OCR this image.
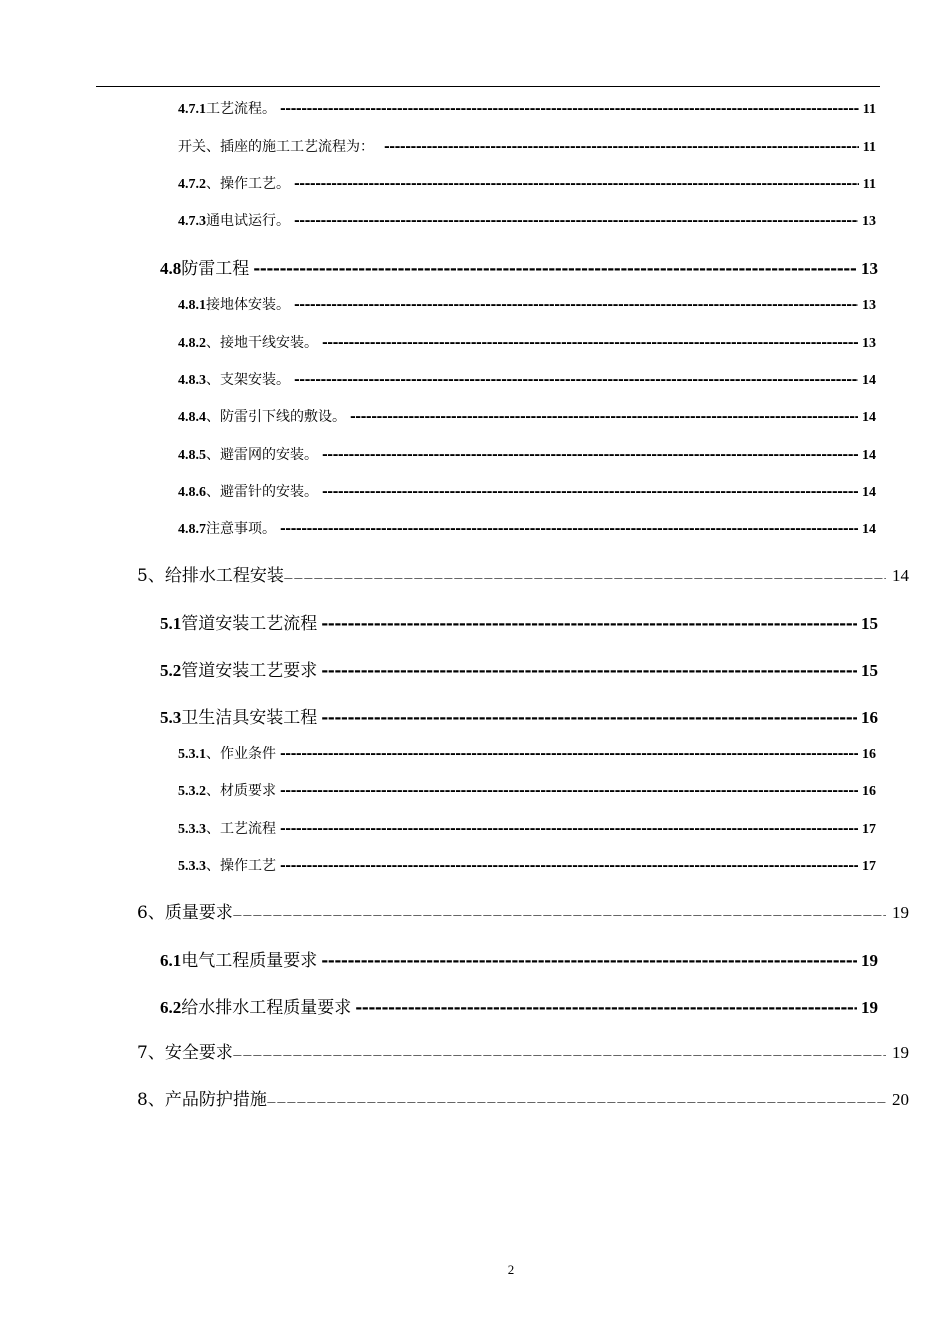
4.7.1 工艺流程。 -----	11
开关、插座的施工工艺流程为： -----	11
4.7.2 、操作工艺。 -----	11
4.7.3 通电试运行。 -----	13
4.8 防雷工程 -----	13
4.8.1 接地体安装。 -----	13
4.8.2 、接地干线安装。 -----	13
4.8.3 、支架安装。 -----	14
4.8.4 、防雷引下线的敷设。 -----	14
4.8.5 、避雷网的安装。 -----	14
4.8.6 、避雷针的安装。 -----	14
4.8.7 注意事项。 -----	14
5、给排水工程安装 —————	14
5.1 管道安装工艺流程 -----	15
5.2 管道安装工艺要求 -----	15
5.3 卫生洁具安装工程 -----	16
5.3.1 、作业条件 -----	16
5.3.2 、材质要求 -----	16
5.3.3 、工艺流程 -----	17
5.3.3 、操作工艺 -----	17
6、质量要求 —————	19
6.1 电气工程质量要求 -----	19
6.2 给水排水工程质量要求 -----	19
7、安全要求 —————	19
8、产品防护措施 —————	20
2
